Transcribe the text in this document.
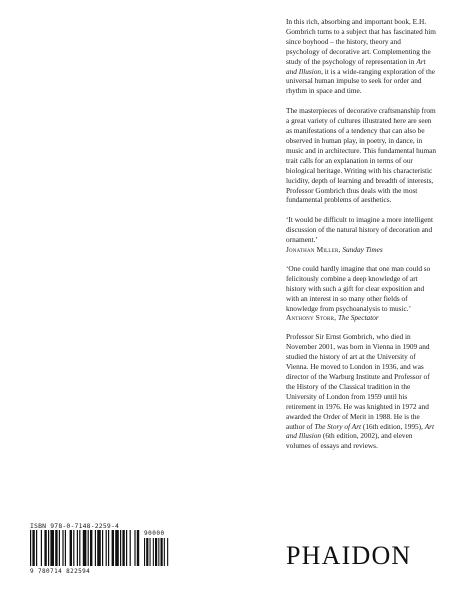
In this rich, absorbing and important book, E.H. Gombrich turns to a subject that has fascinated him since boyhood – the history, theory and psychology of decorative art. Complementing the study of the psychology of representation in Art and Illusion, it is a wide-ranging exploration of the universal human impulse to seek for order and rhythm in space and time.

The masterpieces of decorative craftsmanship from a great variety of cultures illustrated here are seen as manifestations of a tendency that can also be observed in human play, in poetry, in dance, in music and in architecture. This fundamental human trait calls for an explanation in terms of our biological heritage. Writing with his characteristic lucidity, depth of learning and breadth of interests, Professor Gombrich thus deals with the most fundamental problems of aesthetics.

‘It would be difficult to imagine a more intelligent discussion of the natural history of decoration and ornament.’
Jonathan Miller, Sunday Times

‘One could hardly imagine that one man could so felicitously combine a deep knowledge of art history with such a gift for clear exposition and with an interest in so many other fields of knowledge from psychoanalysis to music.’
Anthony Storr, The Spectator

Professor Sir Ernst Gombrich, who died in November 2001, was born in Vienna in 1909 and studied the history of art at the University of Vienna. He moved to London in 1936, and was director of the Warburg Institute and Professor of the History of the Classical tradition in the University of London from 1959 until his retirement in 1976. He was knighted in 1972 and awarded the Order of Merit in 1988. He is the author of The Story of Art (16th edition, 1995), Art and Illusion (6th edition, 2002), and eleven volumes of essays and reviews.

ISBN 978-0-7148-2259-4
90000
9 780714 822594
PHAIDON
